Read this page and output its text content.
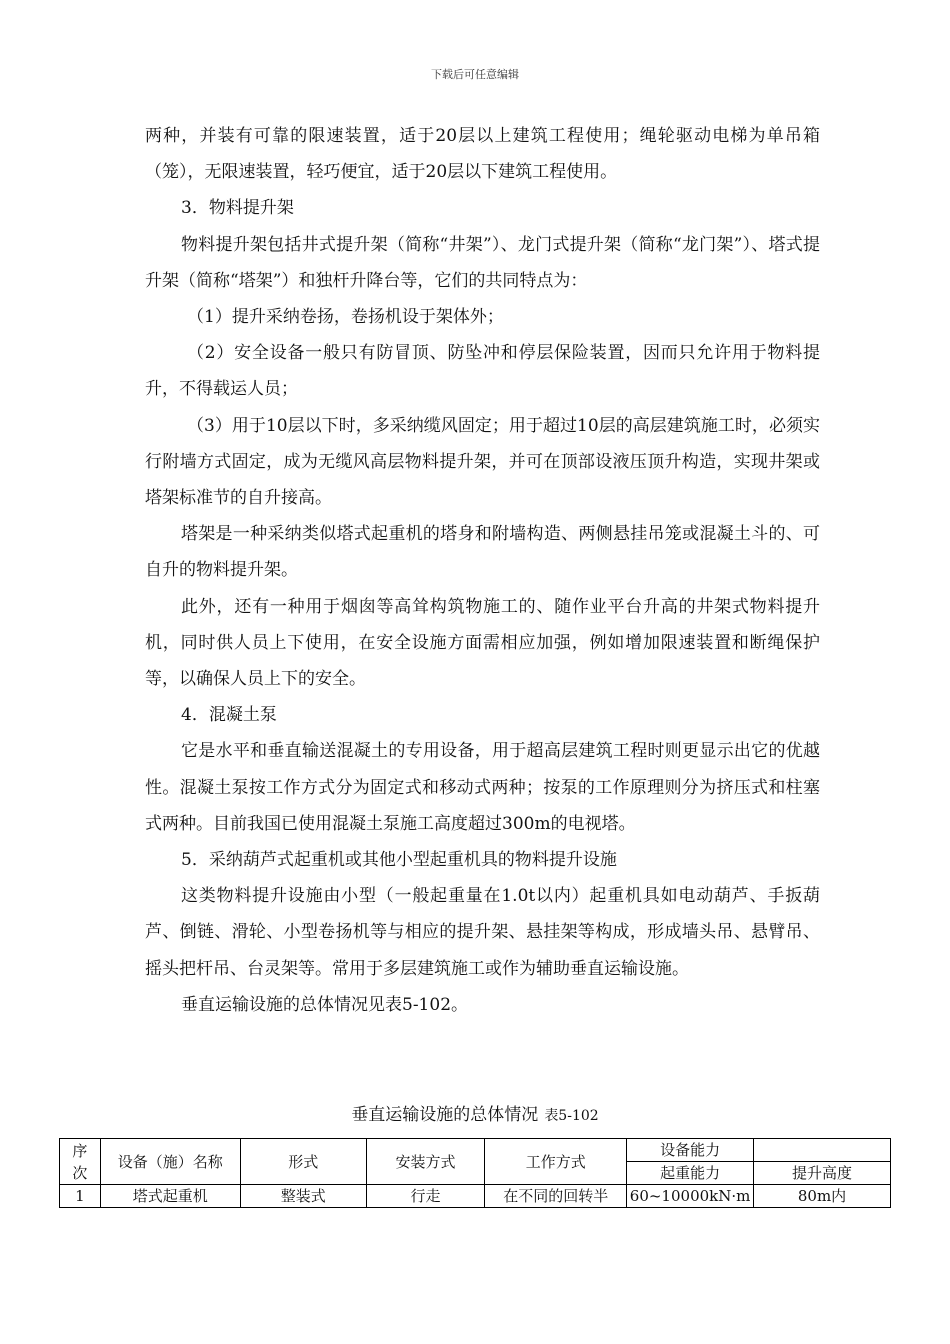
下载后可任意编辑

两种，并装有可靠的限速装置，适于20层以上建筑工程使用；绳轮驱动电梯为单吊箱（笼），无限速装置，轻巧便宜，适于20层以下建筑工程使用。

3．物料提升架

物料提升架包括井式提升架（简称“井架”）、龙门式提升架（简称“龙门架”）、塔式提升架（简称“塔架”）和独杆升降台等，它们的共同特点为：

（1）提升采纳卷扬，卷扬机设于架体外；

（2）安全设备一般只有防冒顶、防坠冲和停层保险装置，因而只允许用于物料提升，不得载运人员；

（3）用于10层以下时，多采纳缆风固定；用于超过10层的高层建筑施工时，必须实行附墙方式固定，成为无缆风高层物料提升架，并可在顶部设液压顶升构造，实现井架或塔架标准节的自升接高。

塔架是一种采纳类似塔式起重机的塔身和附墙构造、两侧悬挂吊笼或混凝土斗的、可自升的物料提升架。

此外，还有一种用于烟囱等高耸构筑物施工的、随作业平台升高的井架式物料提升机，同时供人员上下使用，在安全设施方面需相应加强，例如增加限速装置和断绳保护等，以确保人员上下的安全。

4．混凝土泵

它是水平和垂直输送混凝土的专用设备，用于超高层建筑工程时则更显示出它的优越性。混凝土泵按工作方式分为固定式和移动式两种；按泵的工作原理则分为挤压式和柱塞式两种。目前我国已使用混凝土泵施工高度超过300m的电视塔。

5．采纳葫芦式起重机或其他小型起重机具的物料提升设施

这类物料提升设施由小型（一般起重量在1.0t以内）起重机具如电动葫芦、手扳葫芦、倒链、滑轮、小型卷扬机等与相应的提升架、悬挂架等构成，形成墙头吊、悬臂吊、摇头把杆吊、台灵架等。常用于多层建筑施工或作为辅助垂直运输设施。

垂直运输设施的总体情况见表5-102。

垂直运输设施的总体情况 表5-102
序次	设备（施）名称	形式	安装方式	工作方式	设备能力	
					起重能力	提升高度
1	塔式起重机	整装式	行走	在不同的回转半	60~10000kN·m	80m内
